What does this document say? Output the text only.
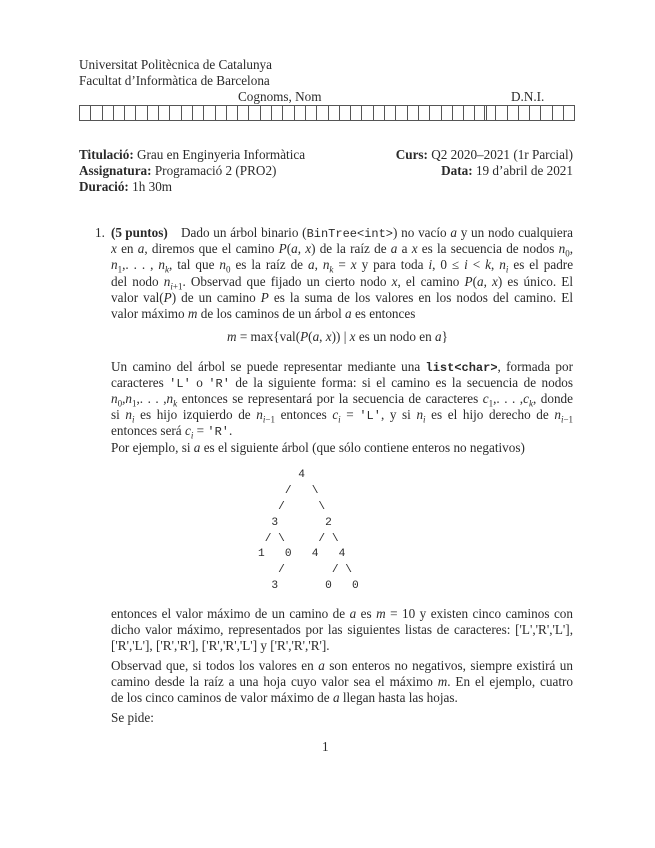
Universitat Politècnica de Catalunya
Facultat d’Informàtica de Barcelona
Cognoms, Nom	D.N.I.
Titulació: Grau en Enginyeria Informàtica
Assignatura: Programació 2 (PRO2)
Duració: 1h 30m
Curs: Q2 2020–2021 (1r Parcial)
Data: 19 d’abril de 2021
1. (5 puntos)	Dado un árbol binario (BinTree<int>) no vacío a y un nodo cualquiera
x en a, diremos que el camino P(a, x) de la raíz de a a x es la secuencia de nodos $n_0$,
$n_1$,. . . , $n_k$, tal que $n_0$ es la raíz de a, $n_k = x$ y para toda i, 0 ≤ i < k, $n_i$ es el padre
del nodo $n_{i+1}$. Observad que fijado un cierto nodo x, el camino P(a, x) es único. El
valor val(P) de un camino P es la suma de los valores en los nodos del camino. El
valor máximo m de los caminos de un árbol a es entonces
m = max{val(P(a, x)) | x es un nodo en a}
Un camino del árbol se puede representar mediante una list<char>, formada por
caracteres 'L' o 'R' de la siguiente forma: si el camino es la secuencia de nodos
$n_0,n_1$,. . . $,n_k$ entonces se representará por la secuencia de caracteres $c_1$,. . . $,c_k$, donde
si $n_i$ es hijo izquierdo de $n_{i-1}$ entonces $c_i$ = 'L', y si $n_i$ es el hijo derecho de $n_{i-1}$
entonces será $c_i$ = 'R'.
Por ejemplo, si a es el siguiente árbol (que sólo contiene enteros no negativos)
4
/   \
/     \
3       2
/ \     / \
1   0   4   4
/       / \
3       0   0
entonces el valor máximo de un camino de a es m = 10 y existen cinco caminos con
dicho valor máximo, representados por las siguientes listas de caracteres: ['L','R','L'],
['R','L'], ['R','R'], ['R','R','L'] y ['R','R','R'].
Observad que, si todos los valores en a son enteros no negativos, siempre existirá un
camino desde la raíz a una hoja cuyo valor sea el máximo m. En el ejemplo, cuatro
de los cinco caminos de valor máximo de a llegan hasta las hojas.
Se pide:
1
